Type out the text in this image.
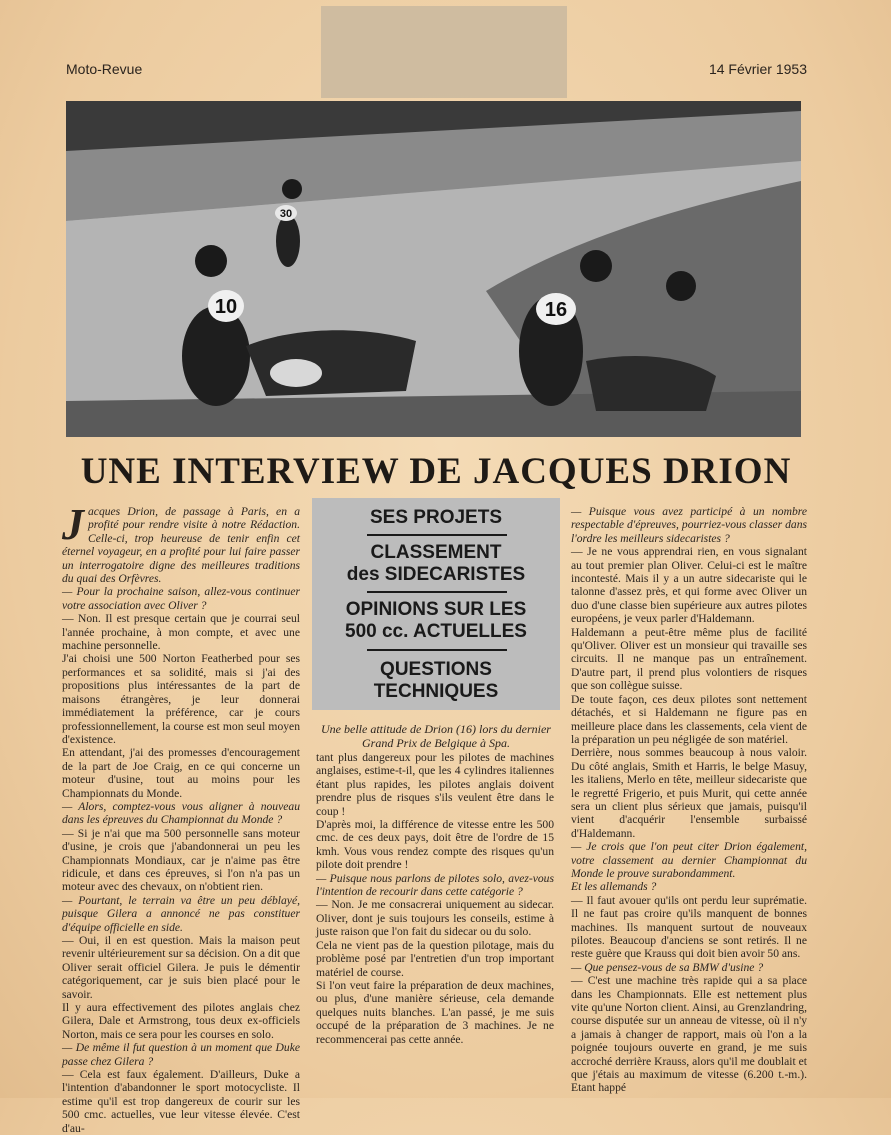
Moto-Revue	14 Février 1953
10	16
30
UNE INTERVIEW DE JACQUES DRION
SES PROJETS
CLASSEMENT
des SIDECARISTES
OPINIONS SUR LES
500 cc. ACTUELLES
QUESTIONS
TECHNIQUES
Une belle attitude de Drion (16) lors du dernier Grand Prix de Belgique à Spa.

Jacques Drion, de passage à Paris, en a profité pour rendre visite à notre Rédaction. Celle-ci, trop heureuse de tenir enfin cet éternel voyageur, en a profité pour lui faire passer un interrogatoire digne des meilleures traditions du quai des Orfèvres.

— Pour la prochaine saison, allez-vous continuer votre association avec Oliver ?

— Non. Il est presque certain que je courrai seul l'année prochaine, à mon compte, et avec une machine personnelle.

J'ai choisi une 500 Norton Featherbed pour ses performances et sa solidité, mais si j'ai des propositions plus intéressantes de la part de maisons étrangères, je leur donnerai immédiatement la préférence, car je cours professionnellement, la course est mon seul moyen d'existence.

En attendant, j'ai des promesses d'encouragement de la part de Joe Craig, en ce qui concerne un moteur d'usine, tout au moins pour les Championnats du Monde.

— Alors, comptez-vous vous aligner à nouveau dans les épreuves du Championnat du Monde ?

— Si je n'ai que ma 500 personnelle sans moteur d'usine, je crois que j'abandonnerai un peu les Championnats Mondiaux, car je n'aime pas être ridicule, et dans ces épreuves, si l'on n'a pas un moteur avec des chevaux, on n'obtient rien.

— Pourtant, le terrain va être un peu déblayé, puisque Gilera a annoncé ne pas constituer d'équipe officielle en side.

— Oui, il en est question. Mais la maison peut revenir ultérieurement sur sa décision. On a dit que Oliver serait officiel Gilera. Je puis le démentir catégoriquement, car je suis bien placé pour le savoir.

Il y aura effectivement des pilotes anglais chez Gilera, Dale et Armstrong, tous deux ex-officiels Norton, mais ce sera pour les courses en solo.

— De même il fut question à un moment que Duke passe chez Gilera ?

— Cela est faux également. D'ailleurs, Duke a l'intention d'abandonner le sport motocycliste. Il estime qu'il est trop dangereux de courir sur les 500 cmc. actuelles, vue leur vitesse élevée. C'est d'au-

tant plus dangereux pour les pilotes de machines anglaises, estime-t-il, que les 4 cylindres italiennes étant plus rapides, les pilotes anglais doivent prendre plus de risques s'ils veulent être dans le coup !

D'après moi, la différence de vitesse entre les 500 cmc. de ces deux pays, doit être de l'ordre de 15 kmh. Vous vous rendez compte des risques qu'un pilote doit prendre !

— Puisque nous parlons de pilotes solo, avez-vous l'intention de recourir dans cette catégorie ?

— Non. Je me consacrerai uniquement au sidecar. Oliver, dont je suis toujours les conseils, estime à juste raison que l'on fait du sidecar ou du solo.

Cela ne vient pas de la question pilotage, mais du problème posé par l'entretien d'un trop important matériel de course.

Si l'on veut faire la préparation de deux machines, ou plus, d'une manière sérieuse, cela demande quelques nuits blanches. L'an passé, je me suis occupé de la préparation de 3 machines. Je ne recommencerai pas cette année.

— Puisque vous avez participé à un nombre respectable d'épreuves, pourriez-vous classer dans l'ordre les meilleurs sidecaristes ?

— Je ne vous apprendrai rien, en vous signalant au tout premier plan Oliver. Celui-ci est le maître incontesté. Mais il y a un autre sidecariste qui le talonne d'assez près, et qui forme avec Oliver un duo d'une classe bien supérieure aux autres pilotes européens, je veux parler d'Haldemann.

Haldemann a peut-être même plus de facilité qu'Oliver. Oliver est un monsieur qui travaille ses circuits. Il ne manque pas un entraînement. D'autre part, il prend plus volontiers de risques que son collègue suisse.

De toute façon, ces deux pilotes sont nettement détachés, et si Haldemann ne figure pas en meilleure place dans les classements, cela vient de la préparation un peu négligée de son matériel.

Derrière, nous sommes beaucoup à nous valoir. Du côté anglais, Smith et Harris, le belge Masuy, les italiens, Merlo en tête, meilleur sidecariste que le regretté Frigerio, et puis Murit, qui cette année sera un client plus sérieux que jamais, puisqu'il vient d'acquérir l'ensemble surbaissé d'Haldemann.

— Je crois que l'on peut citer Drion également, votre classement au dernier Championnat du Monde le prouve surabondamment.

Et les allemands ?

— Il faut avouer qu'ils ont perdu leur suprématie. Il ne faut pas croire qu'ils manquent de bonnes machines. Ils manquent surtout de nouveaux pilotes. Beaucoup d'anciens se sont retirés. Il ne reste guère que Krauss qui doit bien avoir 50 ans.

— Que pensez-vous de sa BMW d'usine ?

— C'est une machine très rapide qui a sa place dans les Championnats. Elle est nettement plus vite qu'une Norton client. Ainsi, au Grenzlandring, course disputée sur un anneau de vitesse, où il n'y a jamais à changer de rapport, mais où l'on a la poignée toujours ouverte en grand, je me suis accroché derrière Krauss, alors qu'il me doublait et que j'étais au maximum de vitesse (6.200 t.-m.). Etant happé
